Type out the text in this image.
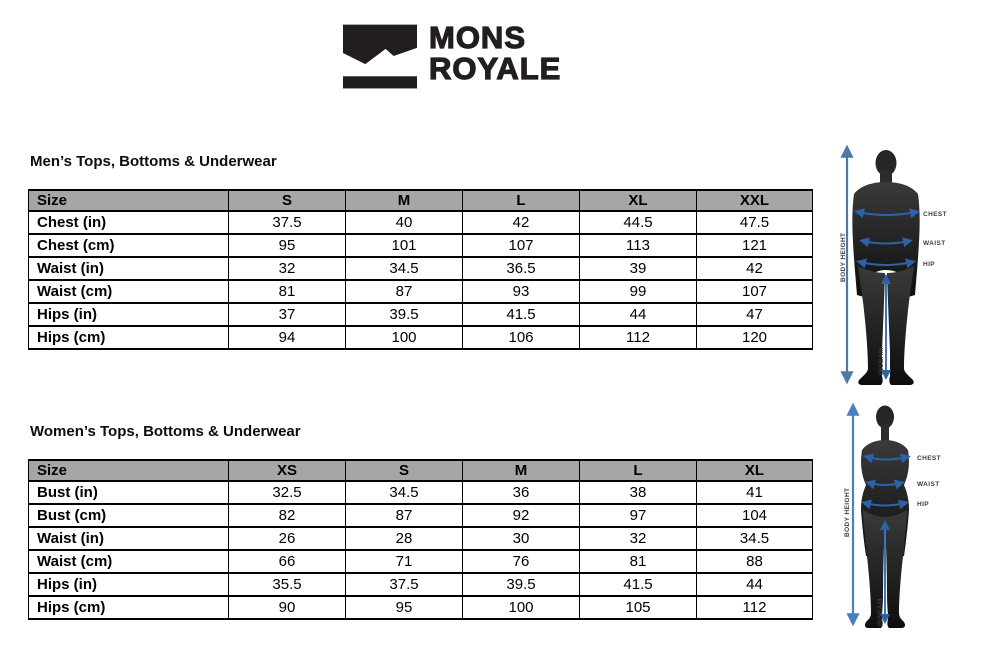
MONS
ROYALE
Men’s Tops, Bottoms & Underwear
Size	S	M	L	XL	XXL
Chest (in)	37.5	40	42	44.5	47.5
Chest (cm)	95	101	107	113	121
Waist (in)	32	34.5	36.5	39	42
Waist (cm)	81	87	93	99	107
Hips (in)	37	39.5	41.5	44	47
Hips (cm)	94	100	106	112	120
Women’s Tops, Bottoms & Underwear
Size	XS	S	M	L	XL
Bust (in)	32.5	34.5	36	38	41
Bust (cm)	82	87	92	97	104
Waist (in)	26	28	30	32	34.5
Waist (cm)	66	71	76	81	88
Hips (in)	35.5	37.5	39.5	41.5	44
Hips (cm)	90	95	100	105	112
BODY HEIGHT
INSEAM
CHEST
WAIST
HIP
BODY HEIGHT
INSEAM
CHEST
WAIST
HIP
